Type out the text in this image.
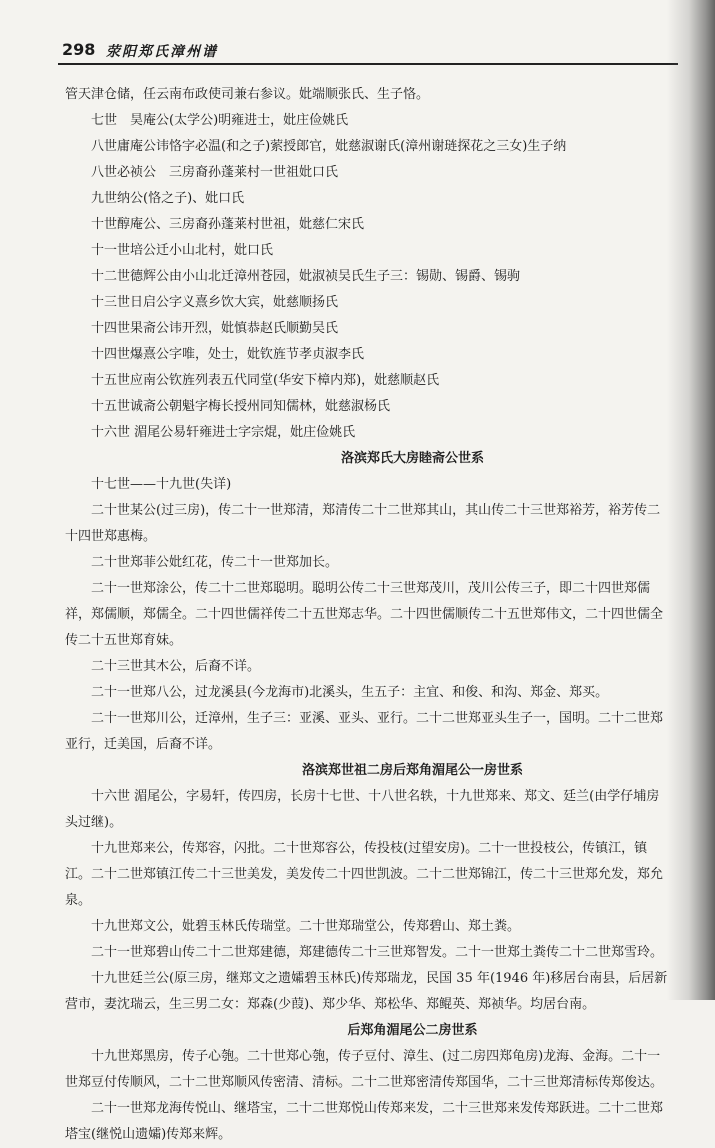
298 荥阳郑氏漳州谱
管天津仓储，任云南布政使司兼右参议。妣端顺张氏、生子恪。
七世　昊庵公(太学公)明雍进士，妣庄俭姚氏
八世庸庵公讳恪字必温(和之子)萦授郎官，妣慈淑谢氏(漳州谢琏探花之三女)生子纳
八世必祯公　三房裔孙蓬莱村一世祖妣口氏
九世纳公(恪之子)、妣口氏
十世醇庵公、三房裔孙蓬莱村世祖，妣慈仁宋氏
十一世培公迁小山北村，妣口氏
十二世德辉公由小山北迁漳州苍园，妣淑祯吴氏生子三：锡勋、锡爵、锡驹
十三世日启公字义熹乡饮大宾，妣慈顺扬氏
十四世果斋公讳开烈，妣慎恭赵氏顺勤吴氏
十四世爆熹公字唯，处士，妣钦旌节孝贞淑李氏
十五世应南公钦旌列表五代同堂(华安下樟内郑)，妣慈顺赵氏
十五世诚斋公朝魁字梅长授州同知儒林，妣慈淑杨氏
十六世 湄尾公易轩雍进士字宗焜，妣庄俭姚氏
洛滨郑氏大房睦斋公世系
十七世——十九世(失详)
二十世某公(过三房)，传二十一世郑清，郑清传二十二世郑其山，其山传二十三世郑裕芳，裕芳传二
十四世郑惠梅。
二十世郑菲公妣红花，传二十一世郑加长。
二十一世郑涂公，传二十二世郑聪明。聪明公传二十三世郑茂川，茂川公传三子，即二十四世郑儒
祥，郑儒顺，郑儒全。二十四世儒祥传二十五世郑志华。二十四世儒顺传二十五世郑伟文，二十四世儒全
传二十五世郑育妹。
二十三世其木公，后裔不详。
二十一世郑八公，过龙溪县(今龙海市)北溪头，生五子：主宜、和俊、和沟、郑金、郑买。
二十一世郑川公，迁漳州，生子三：亚溪、亚头、亚行。二十二世郑亚头生子一，国明。二十二世郑
亚行，迁美国，后裔不详。
洛滨郑世祖二房后郑角湄尾公一房世系
十六世 湄尾公，字易轩，传四房，长房十七世、十八世名轶，十九世郑来、郑文、廷兰(由学仔埔房
头过继)。
十九世郑来公，传郑容，闪批。二十世郑容公，传投枝(过望安房)。二十一世投枝公，传镇江，镇
江。二十二世郑镇江传二十三世美发，美发传二十四世凯波。二十二世郑锦江，传二十三世郑允发，郑允
泉。
十九世郑文公，妣碧玉林氏传瑞堂。二十世郑瑞堂公，传郑碧山、郑土粪。
二十一世郑碧山传二十二世郑建德，郑建德传二十三世郑智发。二十一世郑土粪传二十二世郑雪玲。
十九世廷兰公(原三房，继郑文之遗孀碧玉林氏)传郑瑞龙，民国 35 年(1946 年)移居台南县，后居新
营市，妻沈瑞云，生三男二女：郑森(少葭)、郑少华、郑松华、郑鲲英、郑祯华。均居台南。
后郑角湄尾公二房世系
十九世郑黑房，传子心匏。二十世郑心匏，传子豆付、漳生、(过二房四郑龟房)龙海、金海。二十一
世郑豆付传顺风，二十二世郑顺风传密清、清标。二十二世郑密清传郑国华，二十三世郑清标传郑俊达。
二十一世郑龙海传悦山、继塔宝，二十二世郑悦山传郑来发，二十三世郑来发传郑跃进。二十二世郑
塔宝(继悦山遗孀)传郑来辉。
